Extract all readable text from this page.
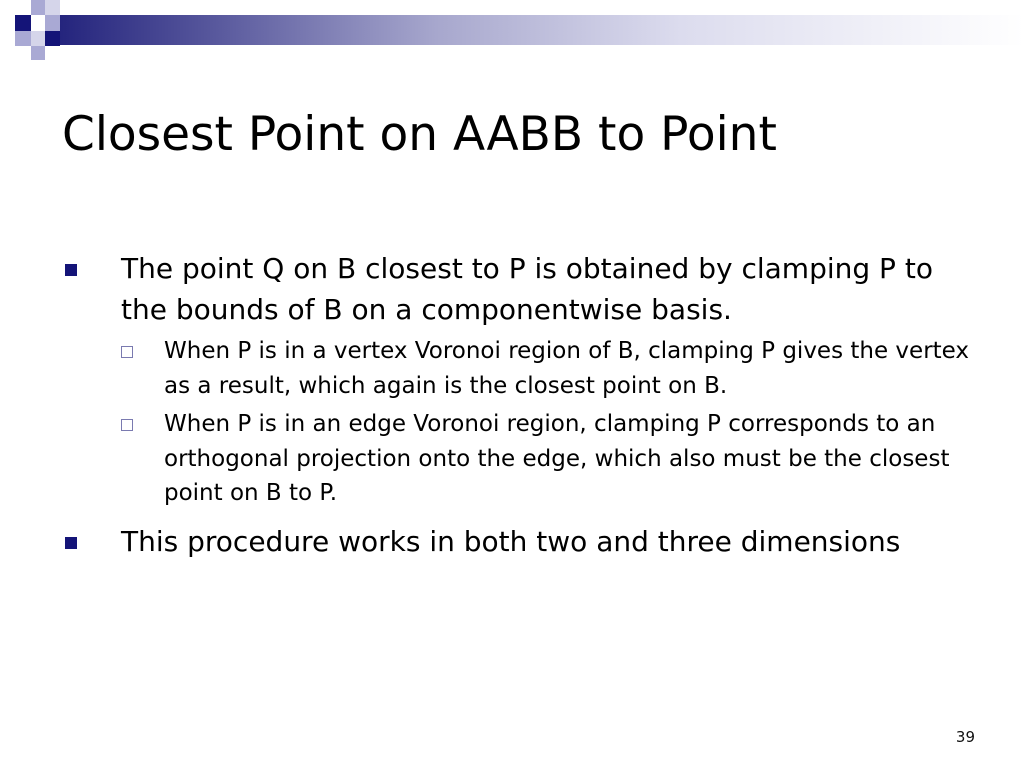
Closest Point on AABB to Point
The point Q on B closest to P is obtained by clamping P to the bounds of B on a componentwise basis.
When P is in a vertex Voronoi region of B, clamping P gives the vertex as a result, which again is the closest point on B.
When P is in an edge Voronoi region, clamping P corresponds to an orthogonal projection onto the edge, which also must be the closest point on B to P.
This procedure works in both two and three dimensions
39
